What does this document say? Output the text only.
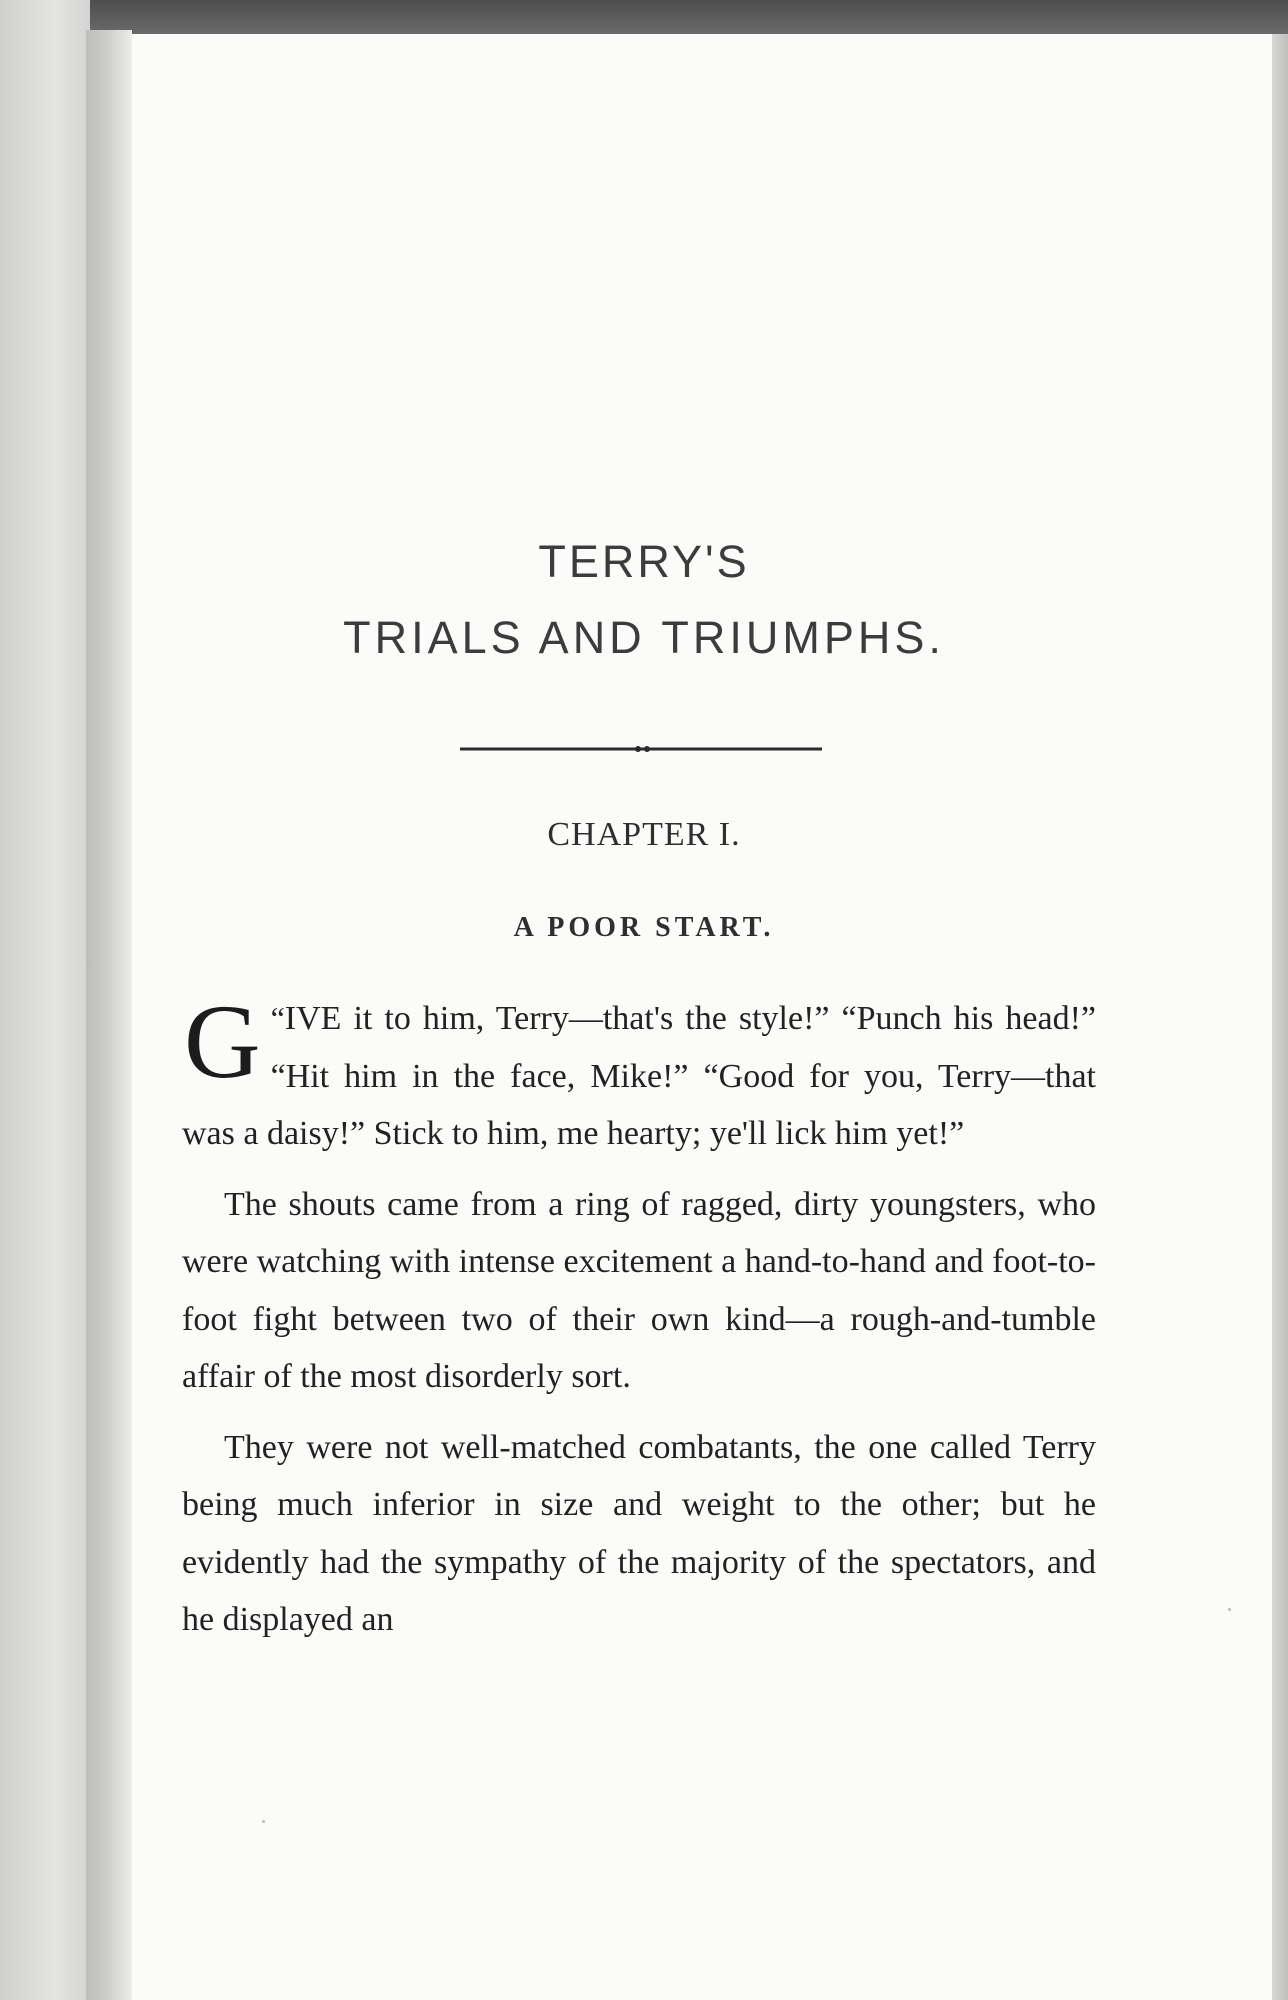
TERRY'S
TRIALS AND TRIUMPHS.
CHAPTER I.
A POOR START.

“
G IVE it to him, Terry—that's the style!” “Punch his head!” “Hit him in the face, Mike!” “Good for you, Terry—that was a daisy!” Stick to him, me hearty; ye'll lick him yet!”

The shouts came from a ring of ragged, dirty youngsters, who were watching with intense excitement a hand-to-hand and foot-to-foot fight between two of their own kind—a rough-and-tumble affair of the most disorderly sort.

They were not well-matched combatants, the one called Terry being much inferior in size and weight to the other; but he evidently had the sympathy of the majority of the spectators, and he displayed an
